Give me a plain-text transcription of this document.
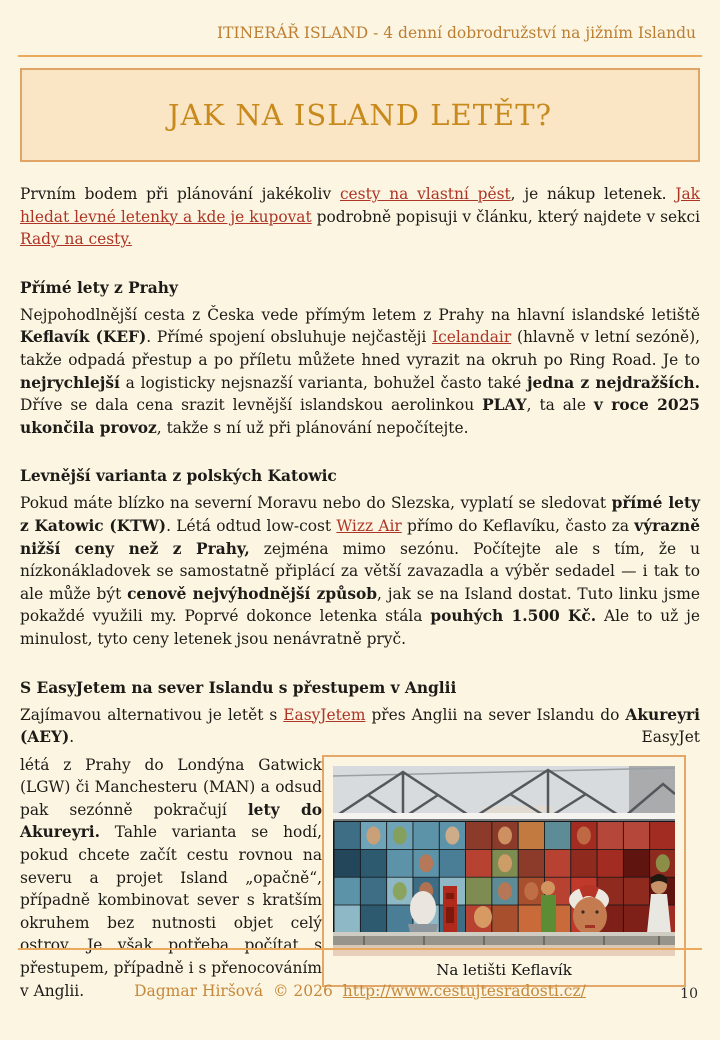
ITINERÁŘ ISLAND - 4 denní dobrodružství na jižním Islandu
JAK NA ISLAND LETĚT?

Prvním bodem při plánování jakékoliv cesty na vlastní pěst, je nákup letenek. Jak hledat levné letenky a kde je kupovat podrobně popisuji v článku, který najdete v sekci Rady na cesty.

Přímé lety z Prahy

Nejpohodlnější cesta z Česka vede přímým letem z Prahy na hlavní islandské letiště Keflavík (KEF). Přímé spojení obsluhuje nejčastěji Icelandair (hlavně v letní sezóně), takže odpadá přestup a po příletu můžete hned vyrazit na okruh po Ring Road. Je to nejrychlejší a logisticky nejsnazší varianta, bohužel často také jedna z nejdražších. Dříve se dala cena srazit levnější islandskou aerolinkou PLAY, ta ale v roce 2025 ukončila provoz, takže s ní už při plánování nepočítejte.

Levnější varianta z polských Katowic

Pokud máte blízko na severní Moravu nebo do Slezska, vyplatí se sledovat přímé lety z Katowic (KTW). Létá odtud low-cost Wizz Air přímo do Keflavíku, často za výrazně nižší ceny než z Prahy, zejména mimo sezónu. Počítejte ale s tím, že u nízkonákladovek se samostatně připlácí za větší zavazadla a výběr sedadel — i tak to ale může být cenově nejvýhodnější způsob, jak se na Island dostat. Tuto linku jsme pokaždé využili my. Poprvé dokonce letenka stála pouhých 1.500 Kč. Ale to už je minulost, tyto ceny letenek jsou nenávratně pryč.

S EasyJetem na sever Islandu s přestupem v Anglii
Zajímavou alternativou je letět s EasyJetem přes Anglii na sever Islandu do Akureyri (AEY). EasyJet
Na letišti Keflavík

létá z Prahy do Londýna Gatwick (LGW) či Manchesteru (MAN) a odsud pak sezónně pokračují lety do Akureyri. Tahle varianta se hodí, pokud chcete začít cestu rovnou na severu a projet Island „opačně“, případně kombinovat sever s kratším okruhem bez nutnosti objet celý ostrov. Je však potřeba počítat s přestupem, případně i s přenocováním v Anglii.	Dagmar Hiršová © 2026 http://www.cestujtesradosti.cz/	10
